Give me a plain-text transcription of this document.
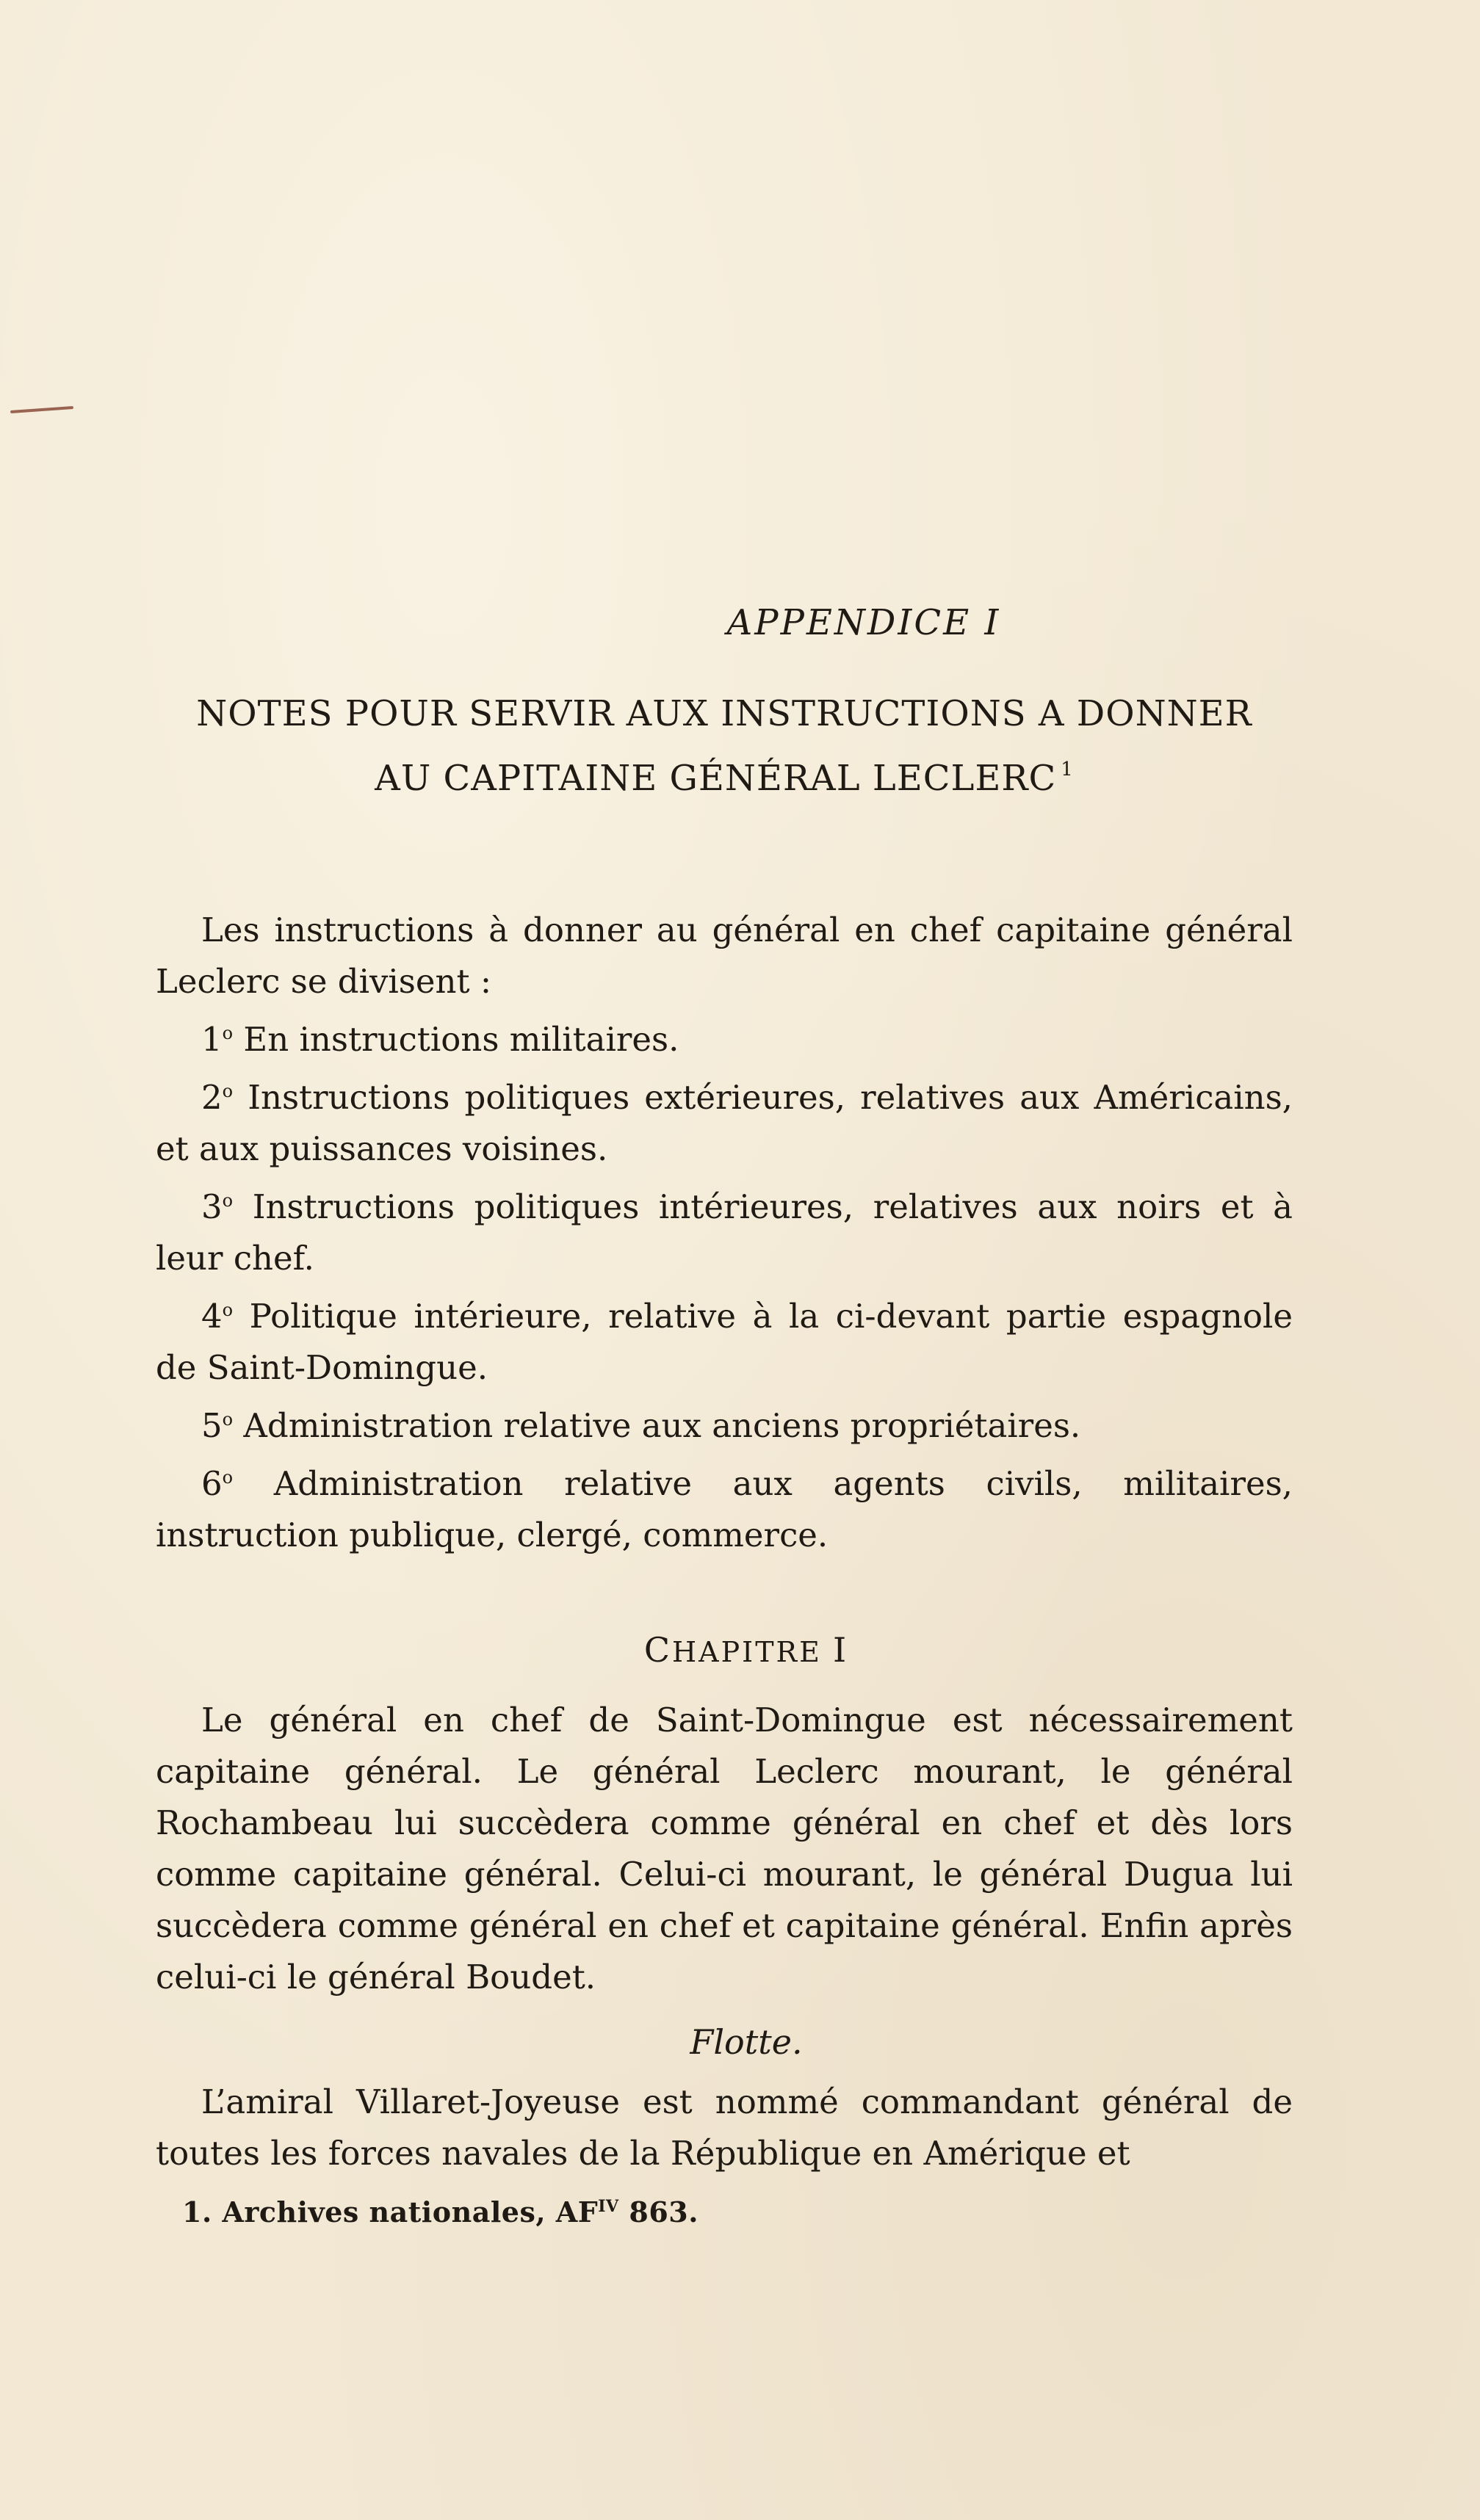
APPENDICE I
NOTES POUR SERVIR AUX INSTRUCTIONS A DONNER
AU CAPITAINE GÉNÉRAL LECLERC $^1$

Les instructions à donner au général en chef capitaine général Leclerc se divisent :

1$^o$ En instructions militaires.

2$^o$ Instructions politiques extérieures, relatives aux Américains, et aux puissances voisines.

3$^o$ Instructions politiques intérieures, relatives aux noirs et à leur chef.

4$^o$ Politique intérieure, relative à la ci-devant partie espagnole de Saint-Domingue.

5$^o$ Administration relative aux anciens propriétaires.

6$^o$ Administration relative aux agents civils, militaires, instruction publique, clergé, commerce.

CHAPITRE I

Le général en chef de Saint-Domingue est nécessairement capitaine général. Le général Leclerc mourant, le général Rochambeau lui succèdera comme général en chef et dès lors comme capitaine général. Celui-ci mourant, le général Dugua lui succèdera comme général en chef et capitaine général. Enfin après celui-ci le général Boudet.

Flotte.

L’amiral Villaret-Joyeuse est nommé commandant général de toutes les forces navales de la République en Amérique et

1. Archives nationales, $AF^{IV}$ 863.
